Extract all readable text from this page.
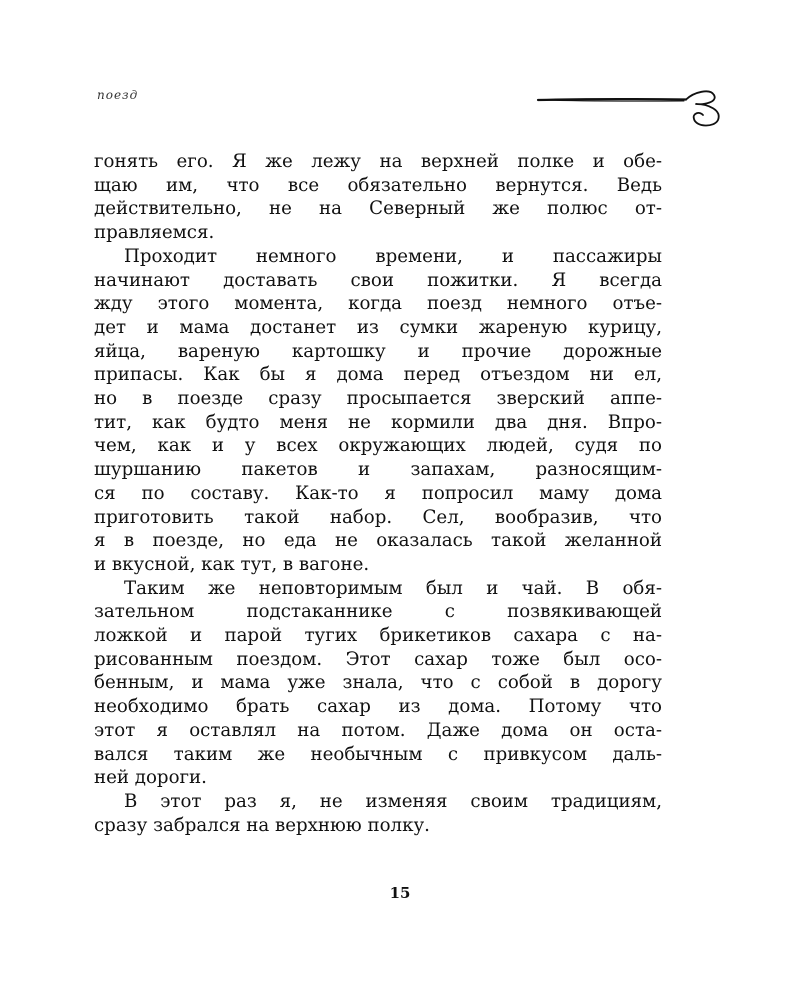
поезд
гонять его. Я же лежу на верхней полке и обе-
щаю им, что все обязательно вернутся. Ведь
действительно, не на Северный же полюс от-
правляемся.
Проходит немного времени, и пассажиры
начинают доставать свои пожитки. Я всегда
жду этого момента, когда поезд немного отъе-
дет и мама достанет из сумки жареную курицу,
яйца, вареную картошку и прочие дорожные
припасы. Как бы я дома перед отъездом ни ел,
но в поезде сразу просыпается зверский аппе-
тит, как будто меня не кормили два дня. Впро-
чем, как и у всех окружающих людей, судя по
шуршанию пакетов и запахам, разносящим-
ся по составу. Как-то я попросил маму дома
приготовить такой набор. Сел, вообразив, что
я в поезде, но еда не оказалась такой желанной
и вкусной, как тут, в вагоне.
Таким же неповторимым был и чай. В обя-
зательном подстаканнике с позвякивающей
ложкой и парой тугих брикетиков сахара с на-
рисованным поездом. Этот сахар тоже был осо-
бенным, и мама уже знала, что с собой в дорогу
необходимо брать сахар из дома. Потому что
этот я оставлял на потом. Даже дома он оста-
вался таким же необычным с привкусом даль-
ней дороги.
В этот раз я, не изменяя своим традициям,
сразу забрался на верхнюю полку.
15
